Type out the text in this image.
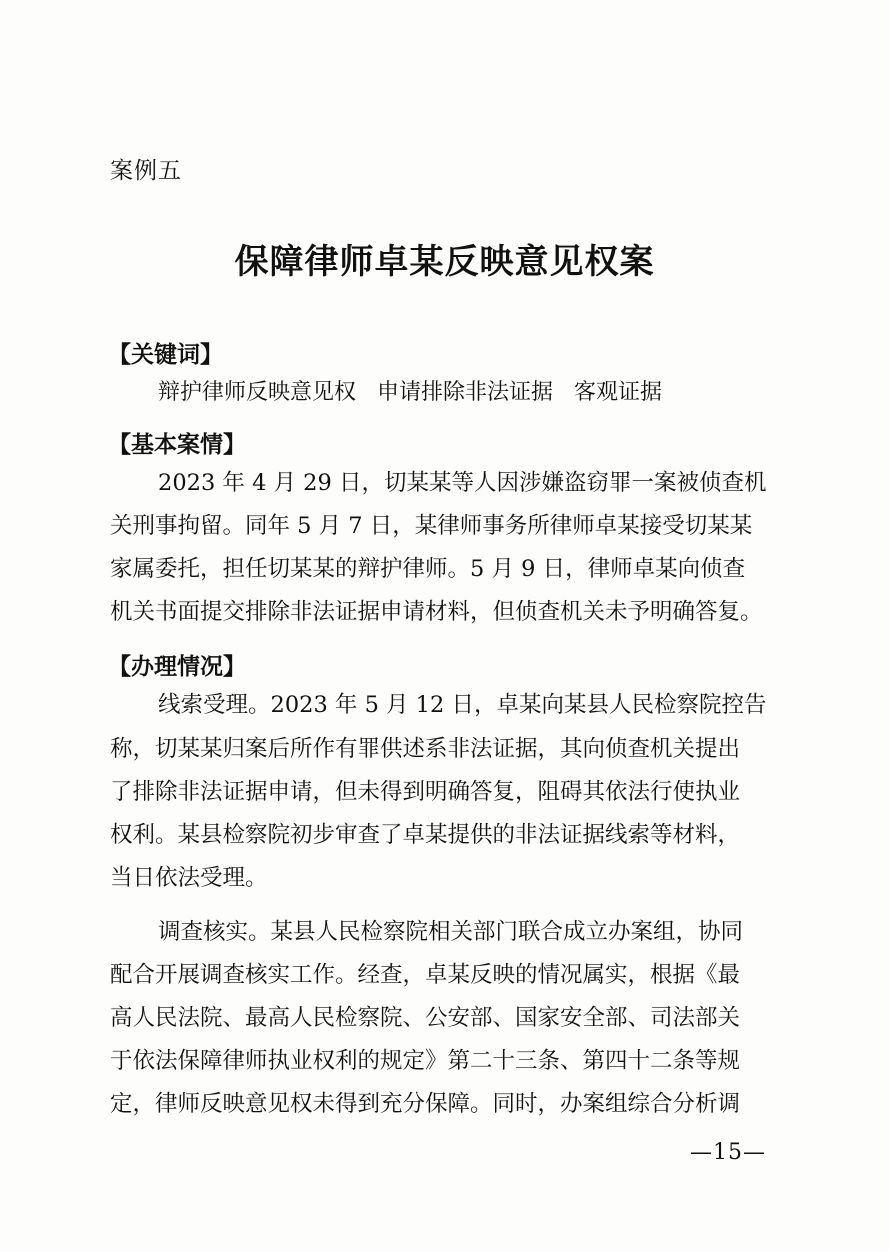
案例五
保障律师卓某反映意见权案
【关键词】
辩护律师反映意见权   申请排除非法证据   客观证据
【基本案情】
2023 年 4 月 29 日，切某某等人因涉嫌盗窃罪一案被侦查机
关刑事拘留。同年 5 月 7 日，某律师事务所律师卓某接受切某某
家属委托，担任切某某的辩护律师。5 月 9 日，律师卓某向侦查
机关书面提交排除非法证据申请材料，但侦查机关未予明确答复。
【办理情况】
线索受理。2023 年 5 月 12 日，卓某向某县人民检察院控告
称，切某某归案后所作有罪供述系非法证据，其向侦查机关提出
了排除非法证据申请，但未得到明确答复，阻碍其依法行使执业
权利。某县检察院初步审查了卓某提供的非法证据线索等材料，
当日依法受理。
调查核实。某县人民检察院相关部门联合成立办案组，协同
配合开展调查核实工作。经查，卓某反映的情况属实，根据《最
高人民法院、最高人民检察院、公安部、国家安全部、司法部关
于依法保障律师执业权利的规定》第二十三条、第四十二条等规
定，律师反映意见权未得到充分保障。同时，办案组综合分析调
—15—
